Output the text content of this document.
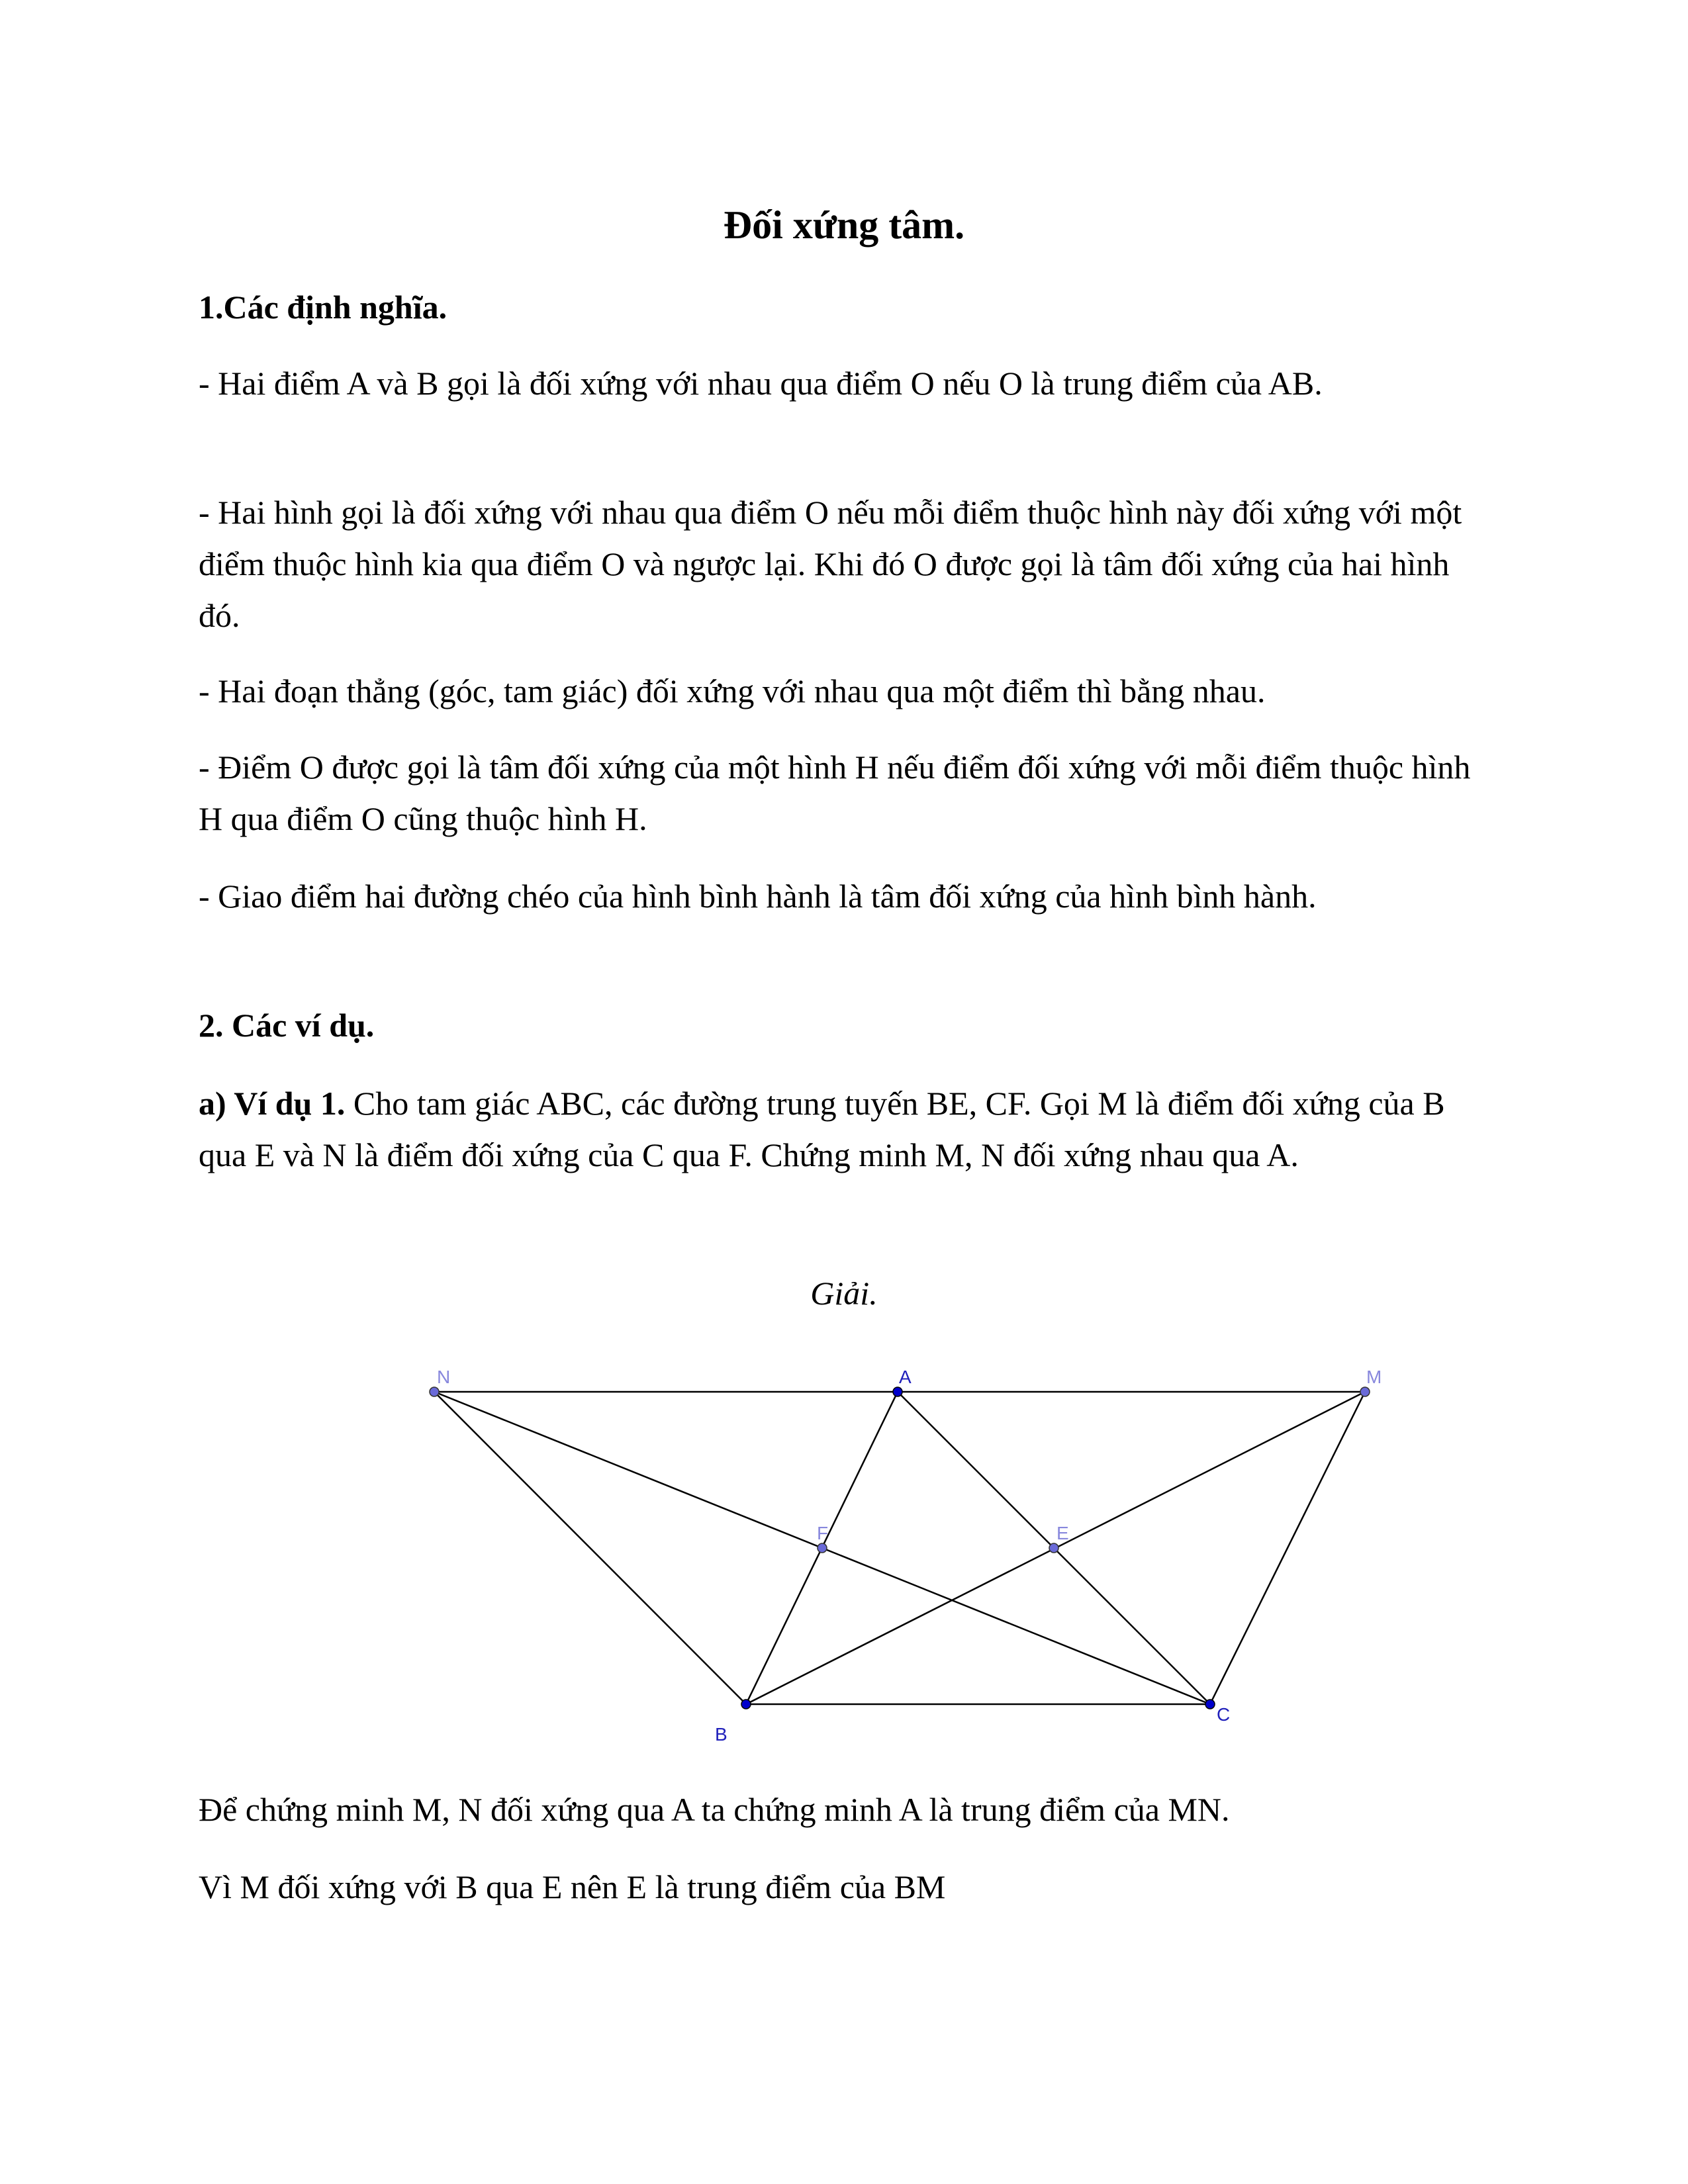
Đối xứng tâm.

1.Các định nghĩa.

- Hai điểm A và B gọi là đối xứng với nhau qua điểm O nếu O là trung điểm của AB.

- Hai hình gọi là đối xứng với nhau qua điểm O nếu mỗi điểm thuộc hình này đối xứng với một điểm thuộc hình kia qua điểm O và ngược lại. Khi đó O được gọi là tâm đối xứng của hai hình đó.

- Hai đoạn thẳng (góc, tam giác) đối xứng với nhau qua một điểm thì bằng nhau.

- Điểm O được gọi là tâm đối xứng của một hình H nếu điểm đối xứng với mỗi điểm thuộc hình H qua điểm O cũng thuộc hình H.

- Giao điểm hai đường chéo của hình bình hành là tâm đối xứng của hình bình hành.

2. Các ví dụ.

a) Ví dụ 1. Cho tam giác ABC, các đường trung tuyến BE, CF. Gọi M là điểm đối xứng của B qua E và N là điểm đối xứng của C qua F. Chứng minh M, N đối xứng nhau qua A.

Giải.
N	A	M
F	E
B
C

Để chứng minh M, N đối xứng qua A ta chứng minh A là trung điểm của MN.

Vì M đối xứng với B qua E nên E là trung điểm của BM
